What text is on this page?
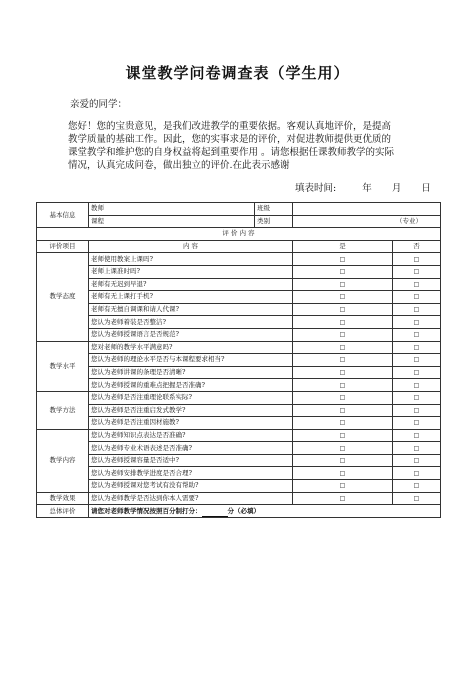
课堂教学问卷调查表（学生用）
亲爱的同学：
您好！您的宝贵意见，是我们改进教学的重要依据。客观认真地评价，是提高
教学质量的基础工作。因此，您的实事求是的评价，对促进教师提供更优质的
课堂教学和维护您的自身权益将起到重要作用 。请您根据任课教师教学的实际
情况，认真完成问卷，做出独立的评价.在此表示感谢
填表时间:	年 月 日
基本信息	教师	班级		
	课程	类别	（专业）	
评 价 内 容				
评价项目	内 容		是	否
教学态度	老师使用教案上课吗?		□	□
	老师上课准时吗?		□	□
	老师有无迟到早退?		□	□
	老师有无上课打手机?		□	□
	老师有无擅自调课和请人代课?		□	□
	您认为老师着装是否整洁?		□	□
	您认为老师授课语言是否规范?		□	□
教学水平	您对老师的教学水平满意吗?		□	□
	您认为老师的理论水平是否与本课程要求相当?		□	□
	您认为老师讲课的条理是否清晰?		□	□
	您认为老师授课的重难点把握是否准确?		□	□
教学方法	您认为老师是否注重理论联系实际?		□	□
	您认为老师是否注重启发式教学?		□	□
	您认为老师是否注重因材施教?		□	□
教学内容	您认为老师知识点表达是否准确?		□	□
	您认为老师专业术语表述是否准确?		□	□
	您认为老师授课容量是否适中?		□	□
	您认为老师安排教学进度是否合理?		□	□
	您认为老师授课对您考试有没有帮助?		□	□
教学效果	您认为老师教学是否达到你本人需要?		□	□
总体评价	请您对老师教学情况按照百分制打分： 分（必填）			
